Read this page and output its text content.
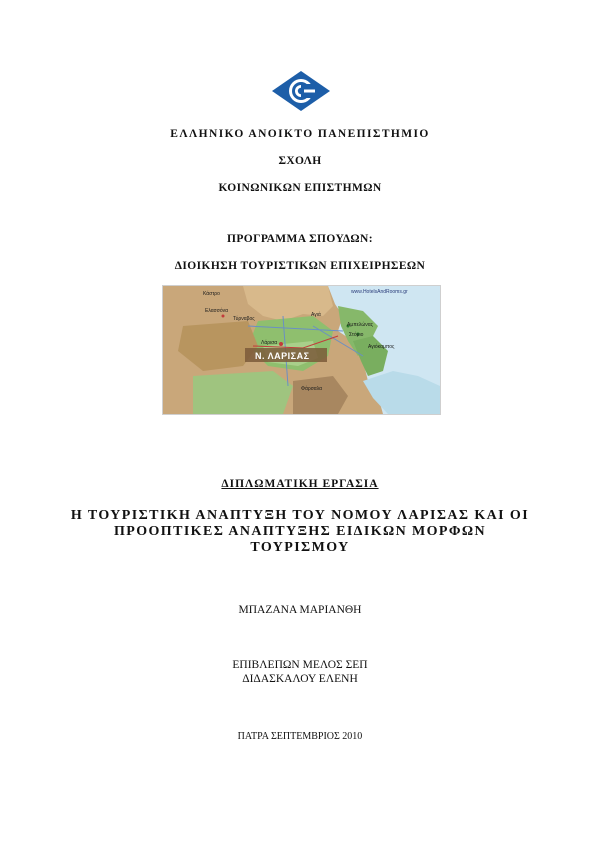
ΕΛΛΗΝΙΚΟ ΑΝΟΙΚΤΟ ΠΑΝΕΠΙΣΤΗΜΙΟ
ΣΧΟΛΗ
ΚΟΙΝΩΝΙΚΩΝ ΕΠΙΣΤΗΜΩΝ
ΠΡΟΓΡΑΜΜΑ ΣΠΟΥΔΩΝ:
ΔΙΟΙΚΗΣΗ ΤΟΥΡΙΣΤΙΚΩΝ ΕΠΙΧΕΙΡΗΣΕΩΝ
www.HotelsAndRooms.gr
Ν. ΛΑΡΙΣΑΣ
Λάρισα
Τύρναβος
Αγιά
Ελασσόνα
Φάρσαλα
Αμπελώνας
Στόμιο
Αγιόκαμπος
Κάστρο
ΔΙΠΛΩΜΑΤΙΚΗ ΕΡΓΑΣΙΑ
Η ΤΟΥΡΙΣΤΙΚΗ ΑΝΑΠΤΥΞΗ ΤΟΥ ΝΟΜΟΥ ΛΑΡΙΣΑΣ ΚΑΙ ΟΙ
ΠΡΟΟΠΤΙΚΕΣ ΑΝΑΠΤΥΞΗΣ ΕΙΔΙΚΩΝ ΜΟΡΦΩΝ
ΤΟΥΡΙΣΜΟΥ
ΜΠΑΖΑΝΑ ΜΑΡΙΑΝΘΗ
ΕΠΙΒΛΕΠΩΝ ΜΕΛΟΣ ΣΕΠ
ΔΙΔΑΣΚΑΛΟΥ ΕΛΕΝΗ
ΠΑΤΡΑ ΣΕΠΤΕΜΒΡΙΟΣ 2010
